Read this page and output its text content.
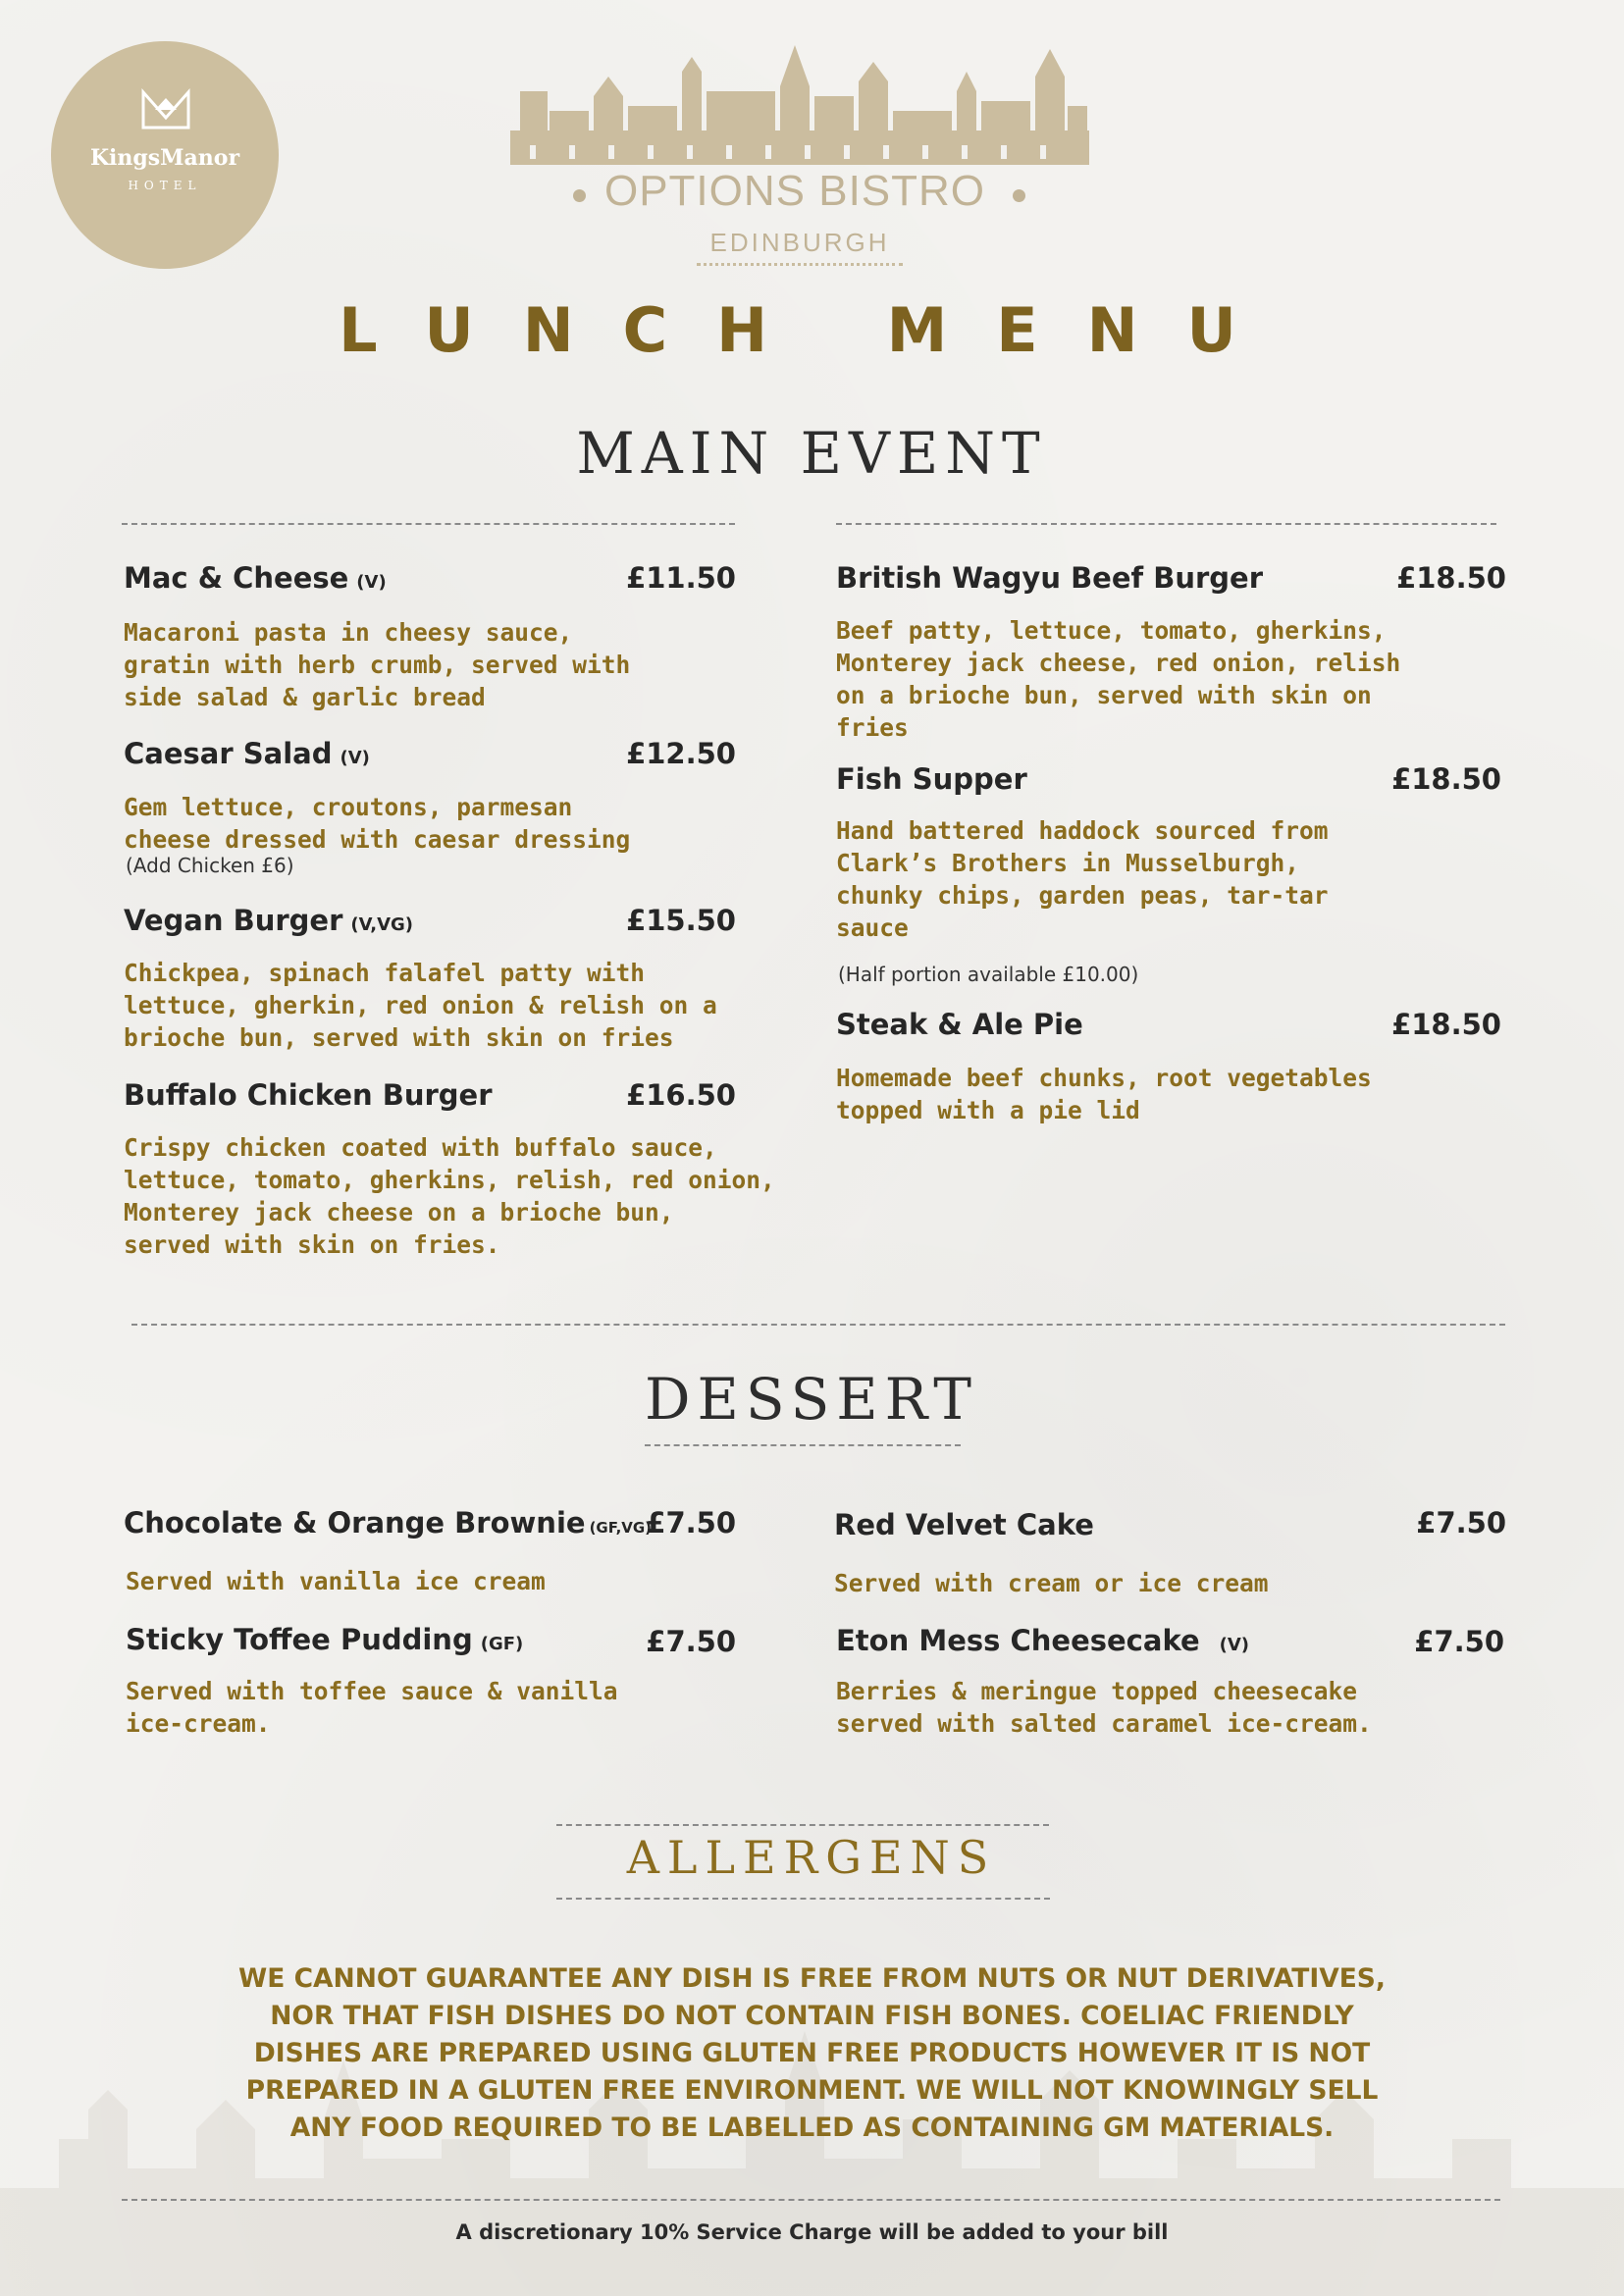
KingsManor
HOTEL	OPTIONS BISTRO
EDINBURGH
LUNCH MENU
MAIN EVENT
Mac & Cheese (V)	£11.50
Macaroni pasta in cheesy sauce,
gratin with herb crumb, served with
side salad & garlic bread
Caesar Salad (V)	£12.50
Gem lettuce, croutons, parmesan
cheese dressed with caesar dressing
(Add Chicken £6)
Vegan Burger (V,VG)	£15.50
Chickpea, spinach falafel patty with
lettuce, gherkin, red onion & relish on a
brioche bun, served with skin on fries
Buffalo Chicken Burger	£16.50
Crispy chicken coated with buffalo sauce,
lettuce, tomato, gherkins, relish, red onion,
Monterey jack cheese on a brioche bun,
served with skin on fries.
British Wagyu Beef Burger	£18.50
Beef patty, lettuce, tomato, gherkins,
Monterey jack cheese, red onion, relish
on a brioche bun, served with skin on
fries
Fish Supper	£18.50
Hand battered haddock sourced from
Clark’s Brothers in Musselburgh,
chunky chips, garden peas, tar-tar
sauce
(Half portion available £10.00)
Steak & Ale Pie	£18.50
Homemade beef chunks, root vegetables
topped with a pie lid
DESSERT
Chocolate & Orange Brownie (GF,VG)
£7.50
Served with vanilla ice cream
Sticky Toffee Pudding (GF)	£7.50
Served with toffee sauce & vanilla
ice-cream.
Red Velvet Cake	£7.50
Served with cream or ice cream
Eton Mess Cheesecake (V)	£7.50
Berries & meringue topped cheesecake
served with salted caramel ice-cream.
ALLERGENS
WE CANNOT GUARANTEE ANY DISH IS FREE FROM NUTS OR NUT DERIVATIVES,
NOR THAT FISH DISHES DO NOT CONTAIN FISH BONES. COELIAC FRIENDLY
DISHES ARE PREPARED USING GLUTEN FREE PRODUCTS HOWEVER IT IS NOT
PREPARED IN A GLUTEN FREE ENVIRONMENT. WE WILL NOT KNOWINGLY SELL
ANY FOOD REQUIRED TO BE LABELLED AS CONTAINING GM MATERIALS.
A discretionary 10% Service Charge will be added to your bill
